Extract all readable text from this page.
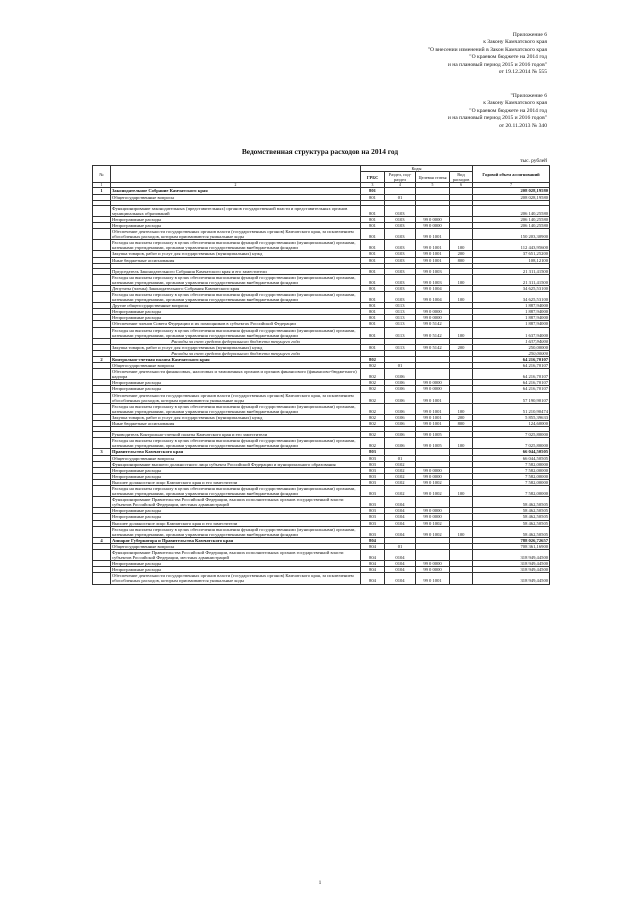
Приложение 6
к Закону Камчатского края
"О внесении изменений в Закон Камчатского края
"О краевом бюджете на 2014 год
и на плановый период 2015 и 2016 годов"
от 19.12.2014 № 555
"Приложение 6
к Закону Камчатского края
"О краевом бюджете на 2014 год
и на плановый период 2015 и 2016 годов"
от 20.11.2013 № 340
Ведомственная структура расходов на 2014 год
тыс. рублей
№		Коды				Годовой объем ассигнований
		ГРБС	Раздел, под-раздел	Целевая статья	Вид расходов	
1	2	3	4	5	6	7
1	Законодательное Собрание Камчатского края	801				208 028,19580
	Общегосударственные вопросы	801	01			208 028,19580

	Функционирование законодательных (представительных) органов государственной власти и представительных органов муниципальных образований	801	0103			206 140,25580
	Непрограммные расходы	801	0103	99 0 0000		206 140,25580
	Непрограммные расходы	801	0103	99 0 0000		206 140,25580
	Обеспечение деятельности государственных органов власти (государственных органов) Камчатского края, за исключением обособленных расходов, которым присваиваются уникальные коды	801	0103	99 0 1001		150 203,30900
	Расходы на выплаты персоналу в целях обеспечения выполнения функций государственными (муниципальными) органами, казенными учреждениями, органами управления государственными внебюджетными фондами	801	0103	99 0 1001	100	112 443,95600
	Закупка товаров, работ и услуг для государственных (муниципальных) нужд	801	0103	99 0 1001	200	37 651,25200
	Иные бюджетные ассигнования	801	0103	99 0 1001	800	108,12100

	Председатель Законодательного Собрания Камчатского края и его заместители	801	0103	99 0 1003		21 311,41500
	Расходы на выплаты персоналу в целях обеспечения выполнения функций государственными (муниципальными) органами, казенными учреждениями, органами управления государственными внебюджетными фондами	801	0103	99 0 1003	100	21 311,41500
	Депутаты (члены) Законодательного Собрания Камчатского края	801	0103	99 0 1004		34 625,53100
	Расходы на выплаты персоналу в целях обеспечения выполнения функций государственными (муниципальными) органами, казенными учреждениями, органами управления государственными внебюджетными фондами	801	0103	99 0 1004	100	34 625,53100
	Другие общегосударственные вопросы	801	0113			1 887,94000
	Непрограммные расходы	801	0113	99 0 0000		1 887,94000
	Непрограммные расходы	801	0113	99 0 0000		1 887,94000
	Обеспечение членов Совета Федерации и их помощников в субъектах Российской Федерации	801	0113	99 0 5142		1 887,94000
	Расходы на выплаты персоналу в целях обеспечения выполнения функций государственными (муниципальными) органами, казенными учреждениями, органами управления государственными внебюджетными фондами	801	0113	99 0 5142	100	1 637,94000
	Расходы за счет средств федерального бюджета текущего года					1 637,94000
	Закупка товаров, работ и услуг для государственных (муниципальных) нужд	801	0113	99 0 5142	200	250,00000
	Расходы за счет средств федерального бюджета текущего года					250,00000
2	Контрольно-счетная палата Камчатского края	802				64 216,70107
	Общегосударственные вопросы	802	01			64 216,70107
	Обеспечение деятельности финансовых, налоговых и таможенных органов и органов финансового (финансово-бюджетного) надзора	802	0106			64 216,70107
	Непрограммные расходы	802	0106	99 0 0000		64 216,70107
	Непрограммные расходы	802	0106	99 0 0000		64 216,70107
	Обеспечение деятельности государственных органов власти (государственных органов) Камчатского края, за исключением обособленных расходов, которым присваиваются уникальные коды	802	0106	99 0 1001		57 190,90107
	Расходы на выплаты персоналу в целях обеспечения выполнения функций государственными (муниципальными) органами, казенными учреждениями, органами управления государственными внебюджетными фондами	802	0106	99 0 1001	100	51 210,90474
	Закупка товаров, работ и услуг для государственных (муниципальных) нужд	802	0106	99 0 1001	200	5 855,39633
	Иные бюджетные ассигнования	802	0106	99 0 1001	800	124,60000

	Руководитель Контрольно-счетной палаты Камчатского края и его заместители	802	0106	99 0 1005		7 025,80000
	Расходы на выплаты персоналу в целях обеспечения выполнения функций государственными (муниципальными) органами, казенными учреждениями, органами управления государственными внебюджетными фондами	802	0106	99 0 1005	100	7 025,80000
3	Правительство Камчатского края	803				66 044,50505
	Общегосударственные вопросы	803	01			66 044,50505
	Функционирование высшего должностного лица субъекта Российской Федерации и муниципального образования	803	0102			7 582,00000
	Непрограммные расходы	803	0102	99 0 0000		7 582,00000
	Непрограммные расходы	803	0102	99 0 0000		7 582,00000
	Высшее должностное лицо Камчатского края и его заместители	803	0102	99 0 1002		7 582,00000
	Расходы на выплаты персоналу в целях обеспечения выполнения функций государственными (муниципальными) органами, казенными учреждениями, органами управления государственными внебюджетными фондами	803	0102	99 0 1002	100	7 582,00000
	Функционирование Правительства Российской Федерации, высших исполнительных органов государственной власти субъектов Российской Федерации, местных администраций	803	0104			58 462,50505
	Непрограммные расходы	803	0104	99 0 0000		58 462,50505
	Непрограммные расходы	803	0104	99 0 0000		58 462,50505
	Высшее должностное лицо Камчатского края и его заместители	803	0104	99 0 1002		58 462,50505
	Расходы на выплаты персоналу в целях обеспечения выполнения функций государственными (муниципальными) органами, казенными учреждениями, органами управления государственными внебюджетными фондами	803	0104	99 0 1002	100	58 462,50505
4	Аппарат Губернатора и Правительства Камчатского края	804				788 026,72657
	Общегосударственные вопросы	804	01			708 361,16900
	Функционирование Правительства Российской Федерации, высших исполнительных органов государственной власти субъектов Российской Федерации, местных администраций	804	0104			318 949,44500
	Непрограммные расходы	804	0104	99 0 0000		318 949,44500
	Непрограммные расходы	804	0104	99 0 0000		318 949,44500
	Обеспечение деятельности государственных органов власти (государственных органов) Камчатского края, за исключением обособленных расходов, которым присваиваются уникальные коды	804	0104	99 0 1001		318 949,44500
1
